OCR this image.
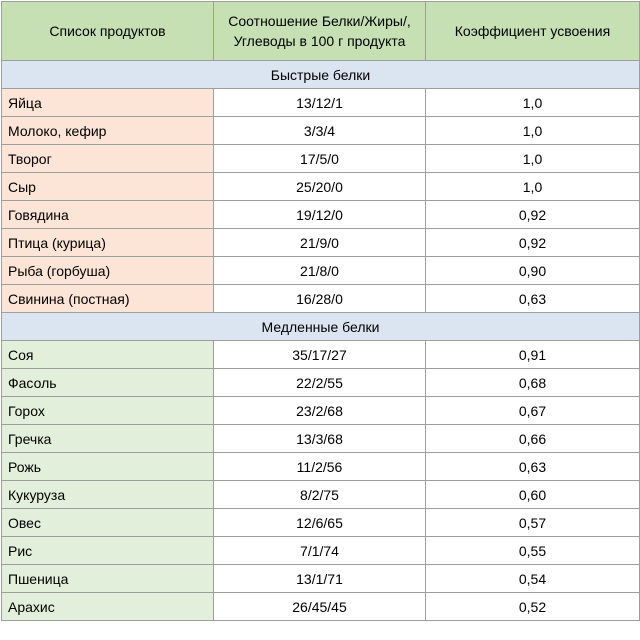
Список продуктов	Соотношение Белки/Жиры/, Углеводы в 100 г продукта	Коэффициент усвоения
Быстрые белки		
Яйца	13/12/1	1,0
Молоко, кефир	3/3/4	1,0
Творог	17/5/0	1,0
Сыр	25/20/0	1,0
Говядина	19/12/0	0,92
Птица (курица)	21/9/0	0,92
Рыба (горбуша)	21/8/0	0,90
Свинина (постная)	16/28/0	0,63
Медленные белки		
Соя	35/17/27	0,91
Фасоль	22/2/55	0,68
Горох	23/2/68	0,67
Гречка	13/3/68	0,66
Рожь	11/2/56	0,63
Кукуруза	8/2/75	0,60
Овес	12/6/65	0,57
Рис	7/1/74	0,55
Пшеница	13/1/71	0,54
Арахис	26/45/45	0,52
